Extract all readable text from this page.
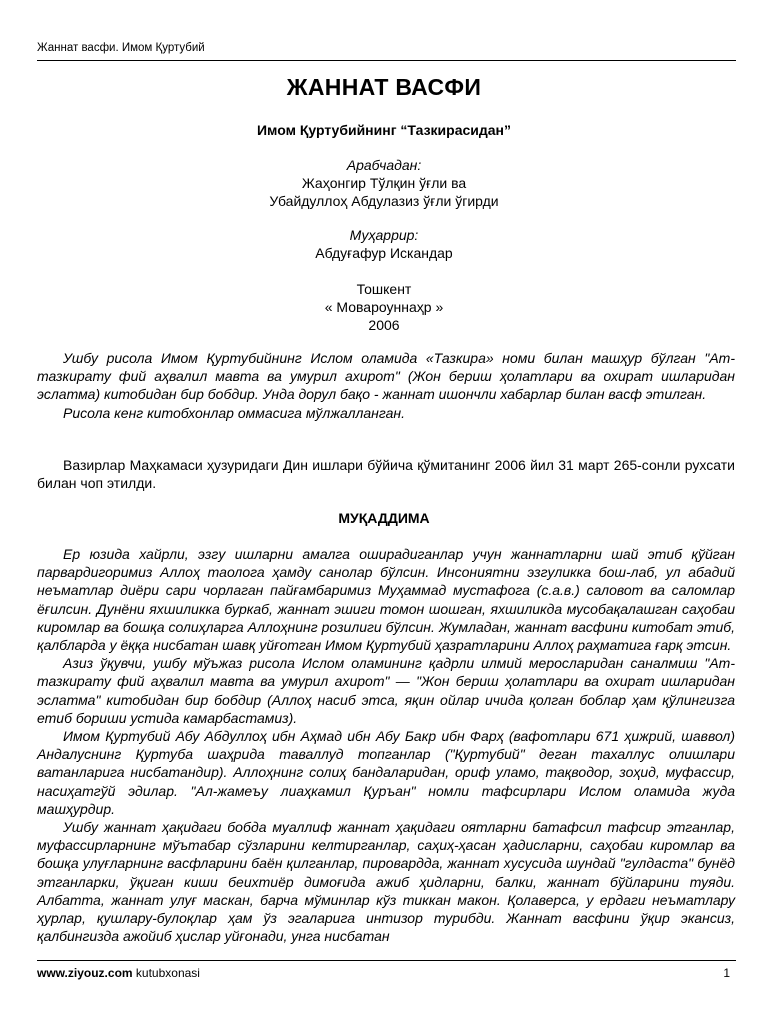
Жаннат васфи. Имом Қуртубий
ЖАННАТ ВАСФИ
Имом Қуртубийнинг “Тазкирасидан”
Арабчадан:
Жаҳонгир Тўлқин ўғли ва
Убайдуллоҳ Абдулазиз ўғли ўгирди
Муҳаррир:
Абдуғафур Искандар
Тошкент
« Мовароуннаҳр »
2006

Ушбу рисола Имом Қуртубийнинг Ислом оламида «Тазкира» номи билан машҳур бўлган "Ат-тазкирату фий аҳвалил мавта ва умурил ахирот" (Жон бериш ҳолатлари ва охират ишларидан эслатма) китобидан бир бобдир. Унда дорул бақо - жаннат ишончли хабарлар билан васф этилган.

Рисола кенг китобхонлар оммасига мўлжалланган.

Вазирлар Маҳкамаси ҳузуридаги Дин ишлари бўйича қўмитанинг 2006 йил 31 март 265-сонли рухсати билан чоп этилди.

МУҚАДДИМА

Ер юзида хайрли, эзгу ишларни амалга оширадиганлар учун жаннатларни шай этиб қўйган парвардигоримиз Аллоҳ таолога ҳамду санолар бўлсин. Инсониятни эзгуликка бош-лаб, ул абадий неъматлар диёри сари чорлаган пайғамбаримиз Муҳаммад мустафога (с.а.в.) саловот ва саломлар ёғилсин. Дунёни яхшиликка буркаб, жаннат эшиги томон шошган, яхшиликда мусобақалашган саҳобаи киромлар ва бошқа солиҳларга Аллоҳнинг розилиги бўлсин. Жумладан, жаннат васфини китобат этиб, қалбларда у ёққа нисбатан шавқ уйғотган Имом Қуртубий ҳазратларини Аллоҳ раҳматига ғарқ этсин.

Азиз ўқувчи, ушбу мўъжаз рисола Ислом оламининг қадрли илмий меросларидан саналмиш "Ат-тазкирату фий аҳвалил мавта ва умурил ахирот" — "Жон бериш ҳолатлари ва охират ишларидан эслатма" китобидан бир бобдир (Аллоҳ насиб этса, яқин ойлар ичида қолган боблар ҳам қўлингизга етиб бориши устида камарбастамиз).

Имом Қуртубий Абу Абдуллоҳ ибн Аҳмад ибн Абу Бакр ибн Фарҳ (вафотлари 671 ҳижрий, шаввол) Андалуснинг Қуртуба шаҳрида таваллуд топганлар ("Қуртубий" деган тахаллус олишлари ватанларига нисбатандир). Аллоҳнинг солиҳ бандаларидан, ориф уламо, тақводор, зоҳид, муфассир, насиҳатгўй эдилар. "Ал-жамеъу лиаҳкамил Қуръан" номли тафсирлари Ислом оламида жуда машҳурдир.

Ушбу жаннат ҳақидаги бобда муаллиф жаннат ҳақидаги оятларни батафсил тафсир этганлар, муфассирларнинг мўътабар сўзларини келтирганлар, саҳиҳ-ҳасан ҳадисларни, саҳобаи киромлар ва бошқа улуғларнинг васфларини баён қилганлар, пировардда, жаннат хусусида шундай "гулдаста" бунёд этганларки, ўқиган киши беихтиёр димоғида ажиб ҳидларни, балки, жаннат бўйларини туяди. Албатта, жаннат улуғ маскан, барча мўминлар кўз тиккан макон. Қолаверса, у ердаги неъматлару ҳурлар, қушлару-булоқлар ҳам ўз эгаларига интизор турибди. Жаннат васфини ўқир экансиз, қалбингизда ажойиб ҳислар уйғонади, унга нисбатан

www.ziyouz.com kutubxonasi	1
